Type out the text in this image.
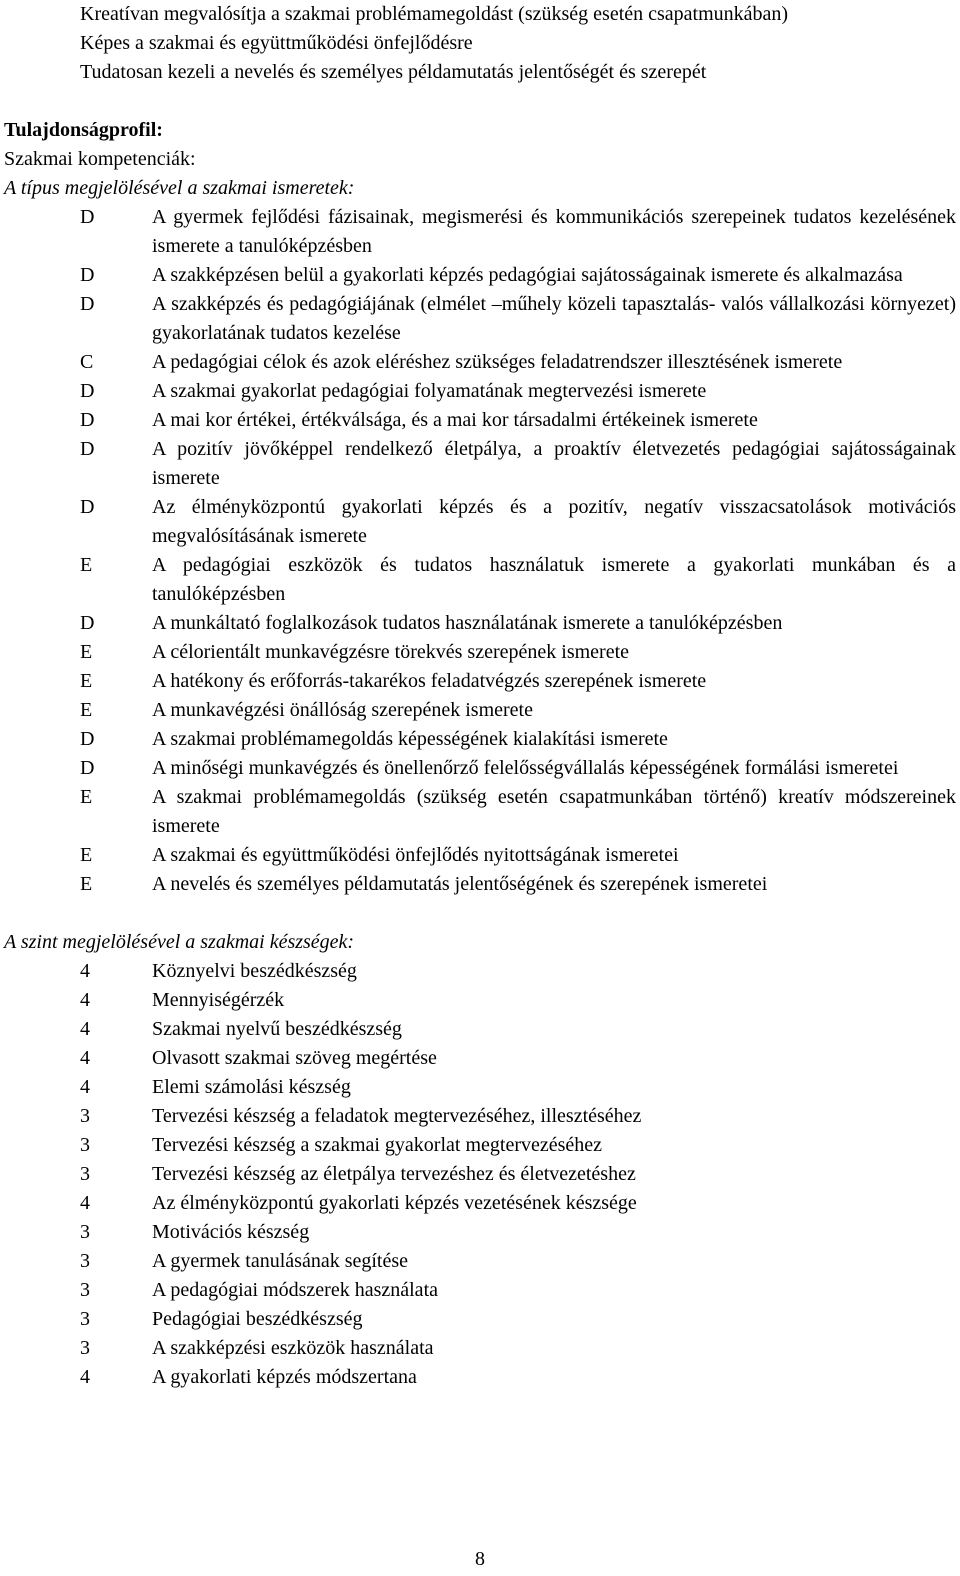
Kreatívan megvalósítja a szakmai problémamegoldást (szükség esetén csapatmunkában)

Képes a szakmai és együttműködési önfejlődésre

Tudatosan kezeli a nevelés és személyes példamutatás jelentőségét és szerepét

Tulajdonságprofil:

Szakmai kompetenciák:

A típus megjelölésével a szakmai ismeretek:

D	A gyermek fejlődési fázisainak, megismerési és kommunikációs szerepeinek tudatos kezelésének ismerete a tanulóképzésben
D	A szakképzésen belül a gyakorlati képzés pedagógiai sajátosságainak ismerete és alkalmazása
D	A szakképzés és pedagógiájának (elmélet –műhely közeli tapasztalás- valós vállalkozási környezet) gyakorlatának tudatos kezelése
C	A pedagógiai célok és azok eléréshez szükséges feladatrendszer illesztésének ismerete
D	A szakmai gyakorlat pedagógiai folyamatának megtervezési ismerete
D	A mai kor értékei, értékválsága, és a mai kor társadalmi értékeinek ismerete
D	A pozitív jövőképpel rendelkező életpálya, a proaktív életvezetés pedagógiai sajátosságainak ismerete
D	Az élményközpontú gyakorlati képzés és a pozitív, negatív visszacsatolások motivációs megvalósításának ismerete
E	A pedagógiai eszközök és tudatos használatuk ismerete a gyakorlati munkában és a tanulóképzésben
D	A munkáltató foglalkozások tudatos használatának ismerete a tanulóképzésben
E	A célorientált munkavégzésre törekvés szerepének ismerete
E	A hatékony és erőforrás-takarékos feladatvégzés szerepének ismerete
E	A munkavégzési önállóság szerepének ismerete
D	A szakmai problémamegoldás képességének kialakítási ismerete
D	A minőségi munkavégzés és önellenőrző felelősségvállalás képességének formálási ismeretei
E	A szakmai problémamegoldás (szükség esetén csapatmunkában történő) kreatív módszereinek ismerete
E	A szakmai és együttműködési önfejlődés nyitottságának ismeretei
E	A nevelés és személyes példamutatás jelentőségének és szerepének ismeretei

A szint megjelölésével a szakmai készségek:

4	Köznyelvi beszédkészség
4	Mennyiségérzék
4	Szakmai nyelvű beszédkészség
4	Olvasott szakmai szöveg megértése
4	Elemi számolási készség
3	Tervezési készség a feladatok megtervezéséhez, illesztéséhez
3	Tervezési készség a szakmai gyakorlat megtervezéséhez
3	Tervezési készség az életpálya tervezéshez és életvezetéshez
4	Az élményközpontú gyakorlati képzés vezetésének készsége
3	Motivációs készség
3	A gyermek tanulásának segítése
3	A pedagógiai módszerek használata
3	Pedagógiai beszédkészség
3	A szakképzési eszközök használata
4	A gyakorlati képzés módszertana
8
